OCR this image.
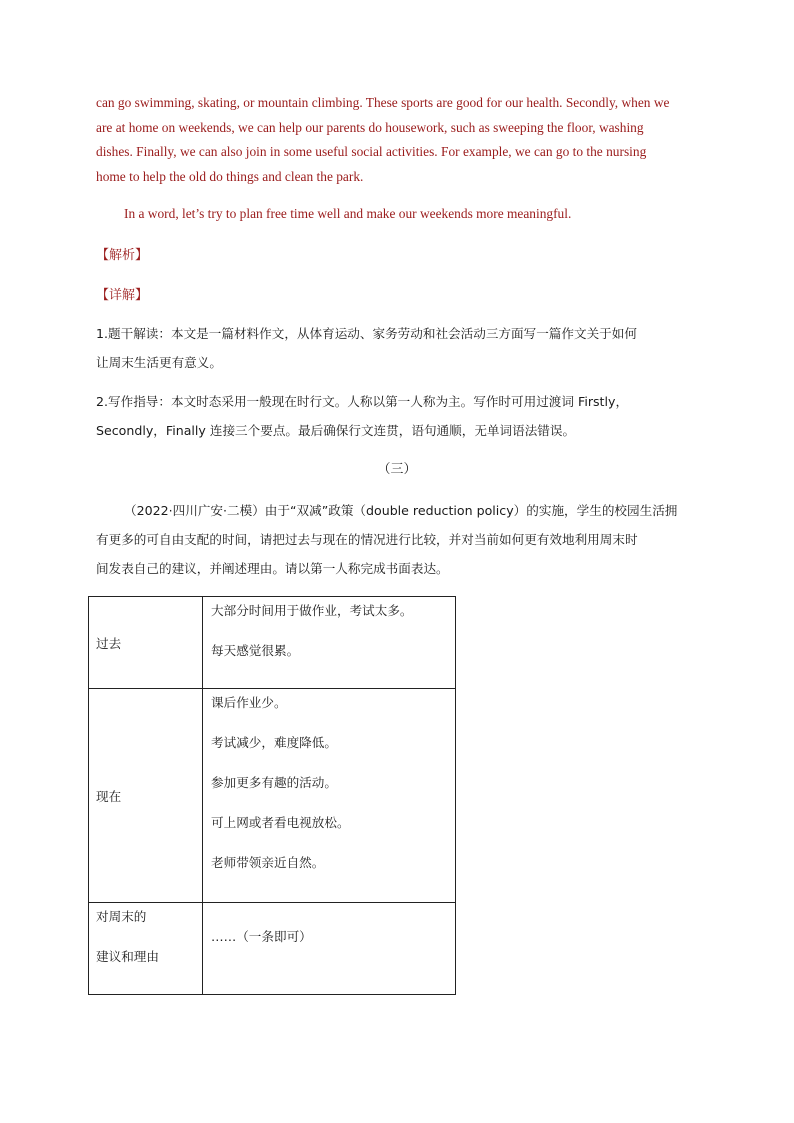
can go swimming, skating, or mountain climbing. These sports are good for our health. Secondly, when we

are at home on weekends, we can help our parents do housework, such as sweeping the floor, washing

dishes. Finally, we can also join in some useful social activities. For example, we can go to the nursing

home to help the old do things and clean the park.

In a word, let’s try to plan free time well and make our weekends more meaningful.

【解析】
【详解】

1.题干解读：本文是一篇材料作文，从体育运动、家务劳动和社会活动三方面写一篇作文关于如何

让周末生活更有意义。

2.写作指导：本文时态采用一般现在时行文。人称以第一人称为主。写作时可用过渡词 Firstly，

Secondly，Finally 连接三个要点。最后确保行文连贯，语句通顺，无单词语法错误。

（三）

（2022·四川广安·二模）由于“双减”政策（double reduction policy）的实施，学生的校园生活拥

有更多的可自由支配的时间，请把过去与现在的情况进行比较，并对当前如何更有效地利用周末时

间发表自己的建议，并阐述理由。请以第一人称完成书面表达。

过去	大部分时间用于做作业，考试太多。
每天感觉很累。

现在	课后作业少。
考试减少，难度降低。
参加更多有趣的活动。
可上网或者看电视放松。
老师带领亲近自然。

对周末的
建议和理由	……（一条即可）
